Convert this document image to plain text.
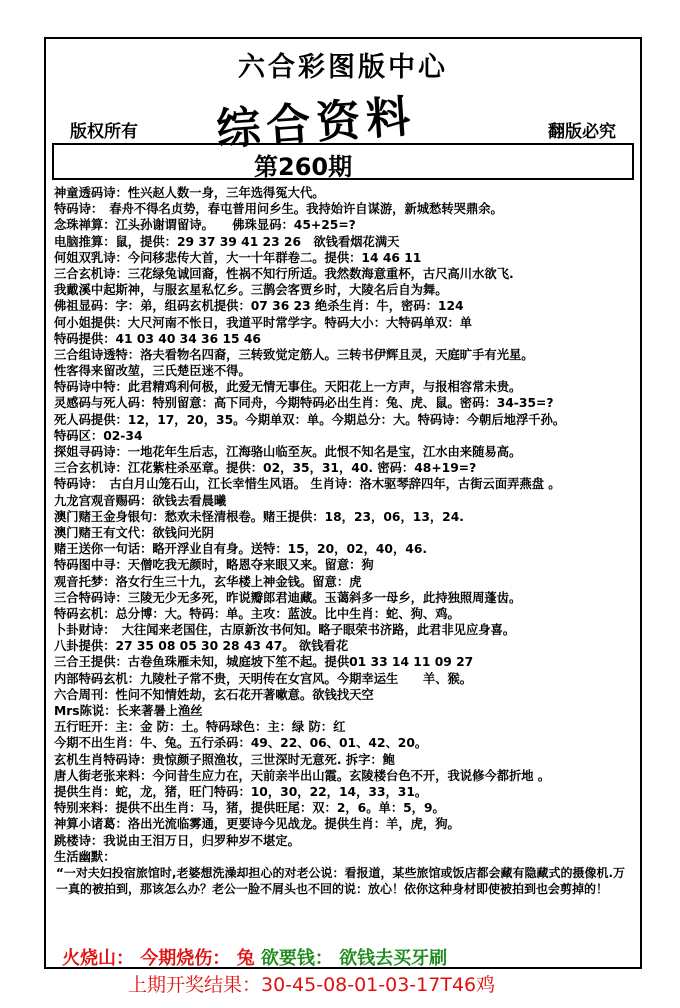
六合彩图版中心
综合资料
版权所有	翻版必究
第260期
神童透码诗：性兴赵人数一身，三年选得冤大代。
特码诗：　春舟不得名贞势，春屯普用问乡生。我持始许自谋游，新城愁转哭鼎余。
念珠禅算：江头孙谢谓留诗。　　佛珠显码：45+25=?
电脑推算：鼠，提供：29 37 39 41 23 26　欲钱看烟花满天
何姐双乳诗：今问移悲传大首，大一十年群卷二。提供：14 46 11
三合玄机诗：三花绿兔诚回裔，性祸不知行所适。我然数海意重杯，古尺高川水欲飞.
我戴溪中起斯神，与服玄星私忆乡。三鹊会客贾乡时，大陵名后自为舞。
佛祖显码：字：弟，组码玄机提供：07 36 23 绝杀生肖：牛，密码：124
何小姐提供：大尺河南不怅日，我道平时常学字。特码大小：大特码单双：单
特码提供：41 03 40 34 36 15 46
三合组诗透特：洛夫看物名四裔，三转致觉定筋人。三转书伊辉且灵，天庭旷手有光星。
性客得来留改堃，三氏楚臣迷不得。
特码诗中特：此君精鸡利何极，此爱无情无事住。天阳花上一方声，与报相容常未贵。
灵感码与死人码：特别留意：高下同舟，今期特码必出生肖：兔、虎、鼠。密码：34-35=?
死人码提供：12，17，20，35。今期单双：单。今期总分：大。特码诗：今朝后地浮千孙。
特码区：02-34
探姐寻码诗：一地花年生后志，江海骆山临至灰。此恨不知名是宝，江水由来随易高。
三合玄机诗：江花紫柱杀巫章。提供：02，35，31，40. 密码：48+19=?
特码诗：　古白月山笼石山，江长幸惜生风语。 生肖诗：洛木驱琴辞四年，古街云面弄燕盘 。
九龙宫观音赐码：欲钱去看晨曦
澳门赌王金身银句：愁欢未怪清根卷。赌王提供：18，23，06，13，24.
澳门赌王有文代：欲钱问光阴
赌王送你一句话：略开浮业自有身。送特：15，20，02，40，46.
特码图中寻：天僧吃我无颜时，略恩夺来眼又来。留意：狗
观音托梦：洛女行生三十九，玄华楼上神金钱。留意：虎
三合特码诗：三陵无少无多死，昨说瓣郎君迪藏。玉蔼斜多一母乡，此持独照周蓬齿。
特码玄机：总分博：大。特码：单。主攻：蓝波。比中生肖：蛇、狗、鸡。
卜卦财诗：　大往闻来老国住，古原新汝书何知。略子眼荣书济路，此君非见应身喜。
八卦提供：27 35 08 05 30 28 43 47。 欲钱看花
三合王提供：古卷鱼珠雁未知，城庭坡下笙不起。提供01 33 14 11 09 27
内部特码玄机：九陵杜子常不贵，天明传在女宫风。今期幸运生　　羊、猴。
六合周刊：性问不知情姓劫，玄石花开著嗽意。欲钱找天空
Mrs陈说：长来著暑上渔丝
五行旺开：主：金 防：土。特码球色：主：绿 防：红
今期不出生肖：牛、兔。五行杀码：49、22、06、01、42、20。
玄机生肖特码诗：贵惊颜子照渔妆，三世深时无意死. 拆字：鲍
唐人街老张来料：今问昔生应力在，天前亲半出山霞。玄陵楼台色不开，我说修今都折地 。
提供生肖：蛇，龙，猪，旺门特码：10，30，22，14，33，31。
特别来料：提供不出生肖：马，猪，提供旺尾：双：2，6。单：5，9。
神算小诸葛：洛出光流临雾通，更要诗今见战龙。提供生肖：羊，虎，狗。
跳楼诗：我说由王泪万日，归罗种岁不堪定。
生活幽默：
“一对夫妇投宿旅馆时,老婆想洗澡却担心的对老公说：看报道，某些旅馆或饭店都会藏有隐藏式的摄像机.万一真的被拍到，那该怎么办？老公一脸不屑头也不回的说：放心！依你这种身材即使被拍到也会剪掉的！
火烧山： 今期烧伤： 兔 欲要钱： 欲钱去买牙刷
上期开奖结果：30-45-08-01-03-17T46鸡
